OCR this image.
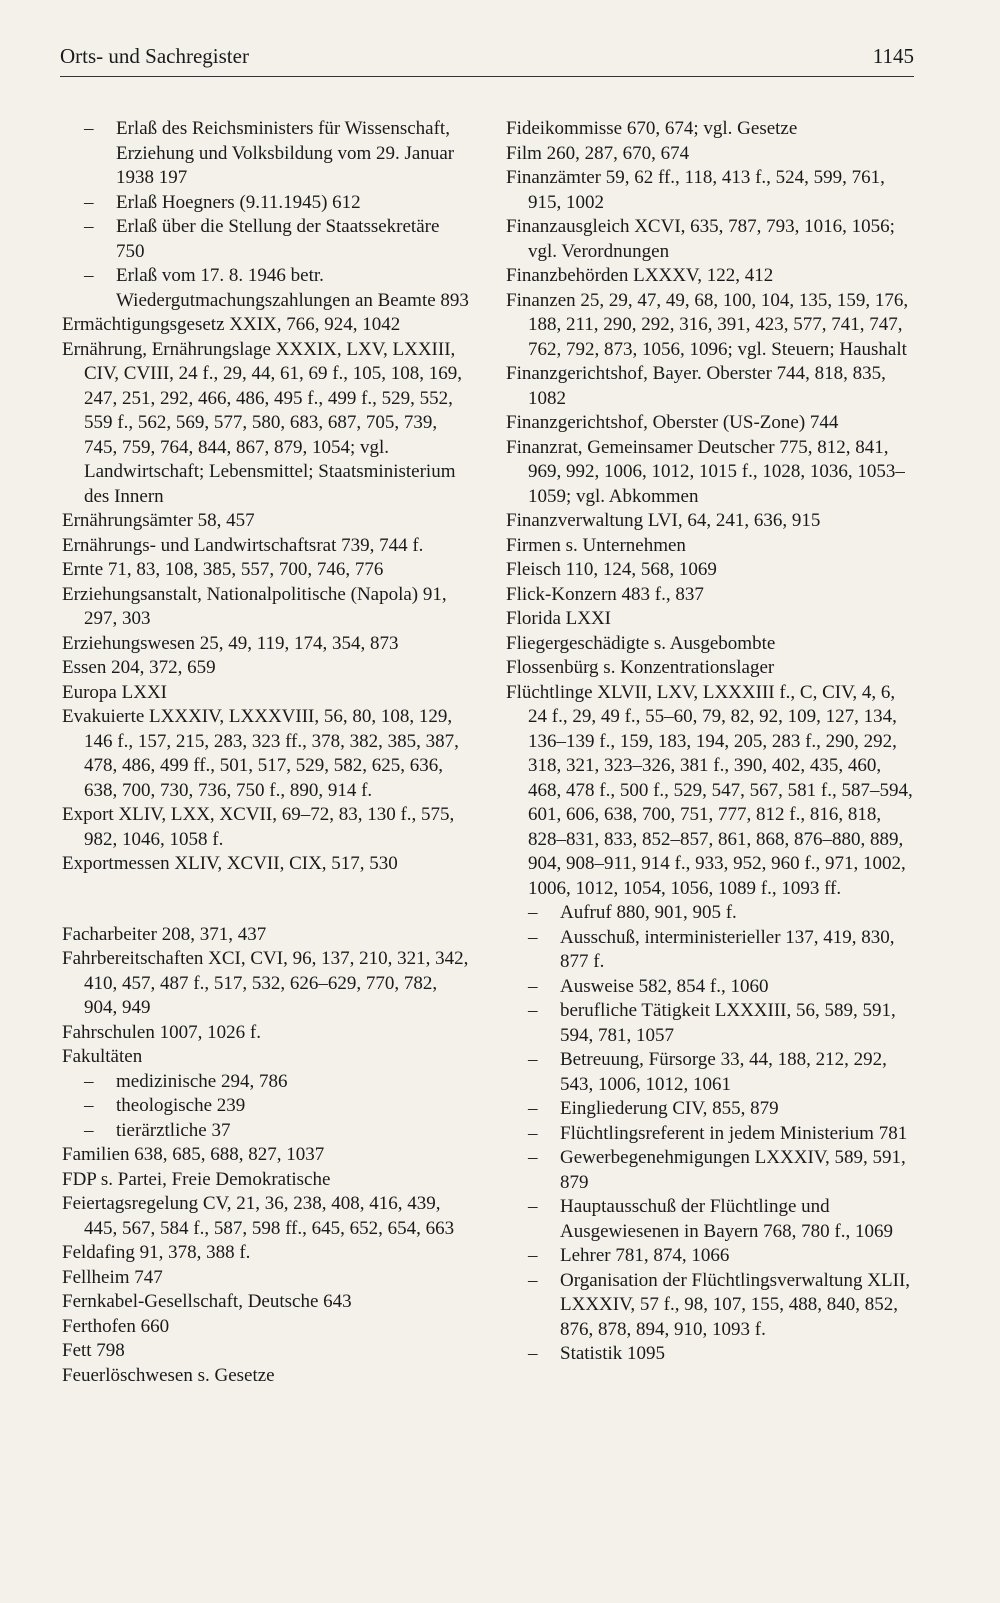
Orts- und Sachregister	1145

– Erlaß des Reichsministers für Wissenschaft, Erziehung und Volksbildung vom 29. Januar 1938 197

– Erlaß Hoegners (9.11.1945) 612

– Erlaß über die Stellung der Staatssekretäre 750

– Erlaß vom 17. 8. 1946 betr. Wiedergutmachungszahlungen an Beamte 893

Ermächtigungsgesetz XXIX, 766, 924, 1042

Ernährung, Ernährungslage XXXIX, LXV, LXXIII, CIV, CVIII, 24 f., 29, 44, 61, 69 f., 105, 108, 169, 247, 251, 292, 466, 486, 495 f., 499 f., 529, 552, 559 f., 562, 569, 577, 580, 683, 687, 705, 739, 745, 759, 764, 844, 867, 879, 1054; vgl. Landwirtschaft; Lebensmittel; Staatsministerium des Innern

Ernährungsämter 58, 457

Ernährungs- und Landwirtschaftsrat 739, 744 f.

Ernte 71, 83, 108, 385, 557, 700, 746, 776

Erziehungsanstalt, Nationalpolitische (Napola) 91, 297, 303

Erziehungswesen 25, 49, 119, 174, 354, 873

Essen 204, 372, 659

Europa LXXI

Evakuierte LXXXIV, LXXXVIII, 56, 80, 108, 129, 146 f., 157, 215, 283, 323 ff., 378, 382, 385, 387, 478, 486, 499 ff., 501, 517, 529, 582, 625, 636, 638, 700, 730, 736, 750 f., 890, 914 f.

Export XLIV, LXX, XCVII, 69–72, 83, 130 f., 575, 982, 1046, 1058 f.

Exportmessen XLIV, XCVII, CIX, 517, 530

Facharbeiter 208, 371, 437

Fahrbereitschaften XCI, CVI, 96, 137, 210, 321, 342, 410, 457, 487 f., 517, 532, 626–629, 770, 782, 904, 949

Fahrschulen 1007, 1026 f.

Fakultäten

– medizinische 294, 786

– theologische 239

– tierärztliche 37

Familien 638, 685, 688, 827, 1037

FDP s. Partei, Freie Demokratische

Feiertagsregelung CV, 21, 36, 238, 408, 416, 439, 445, 567, 584 f., 587, 598 ff., 645, 652, 654, 663

Feldafing 91, 378, 388 f.

Fellheim 747

Fernkabel-Gesellschaft, Deutsche 643

Ferthofen 660

Fett 798

Feuerlöschwesen s. Gesetze

Fideikommisse 670, 674; vgl. Gesetze

Film 260, 287, 670, 674

Finanzämter 59, 62 ff., 118, 413 f., 524, 599, 761, 915, 1002

Finanzausgleich XCVI, 635, 787, 793, 1016, 1056; vgl. Verordnungen

Finanzbehörden LXXXV, 122, 412

Finanzen 25, 29, 47, 49, 68, 100, 104, 135, 159, 176, 188, 211, 290, 292, 316, 391, 423, 577, 741, 747, 762, 792, 873, 1056, 1096; vgl. Steuern; Haushalt

Finanzgerichtshof, Bayer. Oberster 744, 818, 835, 1082

Finanzgerichtshof, Oberster (US-Zone) 744

Finanzrat, Gemeinsamer Deutscher 775, 812, 841, 969, 992, 1006, 1012, 1015 f., 1028, 1036, 1053–1059; vgl. Abkommen

Finanzverwaltung LVI, 64, 241, 636, 915

Firmen s. Unternehmen

Fleisch 110, 124, 568, 1069

Flick-Konzern 483 f., 837

Florida LXXI

Fliegergeschädigte s. Ausgebombte

Flossenbürg s. Konzentrationslager

Flüchtlinge XLVII, LXV, LXXXIII f., C, CIV, 4, 6, 24 f., 29, 49 f., 55–60, 79, 82, 92, 109, 127, 134, 136–139 f., 159, 183, 194, 205, 283 f., 290, 292, 318, 321, 323–326, 381 f., 390, 402, 435, 460, 468, 478 f., 500 f., 529, 547, 567, 581 f., 587–594, 601, 606, 638, 700, 751, 777, 812 f., 816, 818, 828–831, 833, 852–857, 861, 868, 876–880, 889, 904, 908–911, 914 f., 933, 952, 960 f., 971, 1002, 1006, 1012, 1054, 1056, 1089 f., 1093 ff.

– Aufruf 880, 901, 905 f.

– Ausschuß, interministerieller 137, 419, 830, 877 f.

– Ausweise 582, 854 f., 1060

– berufliche Tätigkeit LXXXIII, 56, 589, 591, 594, 781, 1057

– Betreuung, Fürsorge 33, 44, 188, 212, 292, 543, 1006, 1012, 1061

– Eingliederung CIV, 855, 879

– Flüchtlingsreferent in jedem Ministerium 781

– Gewerbegenehmigungen LXXXIV, 589, 591, 879

– Hauptausschuß der Flüchtlinge und Ausgewiesenen in Bayern 768, 780 f., 1069

– Lehrer 781, 874, 1066

– Organisation der Flüchtlingsverwaltung XLII, LXXXIV, 57 f., 98, 107, 155, 488, 840, 852, 876, 878, 894, 910, 1093 f.

– Statistik 1095
